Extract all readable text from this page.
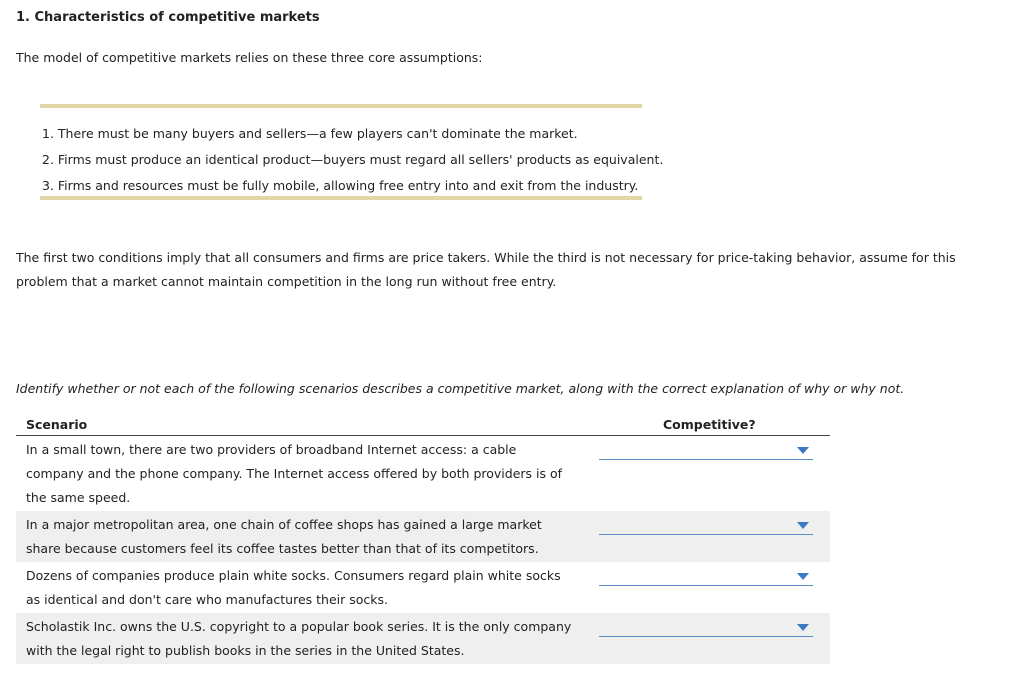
1. Characteristics of competitive markets
The model of competitive markets relies on these three core assumptions:
1. There must be many buyers and sellers—a few players can't dominate the market.
2. Firms must produce an identical product—buyers must regard all sellers' products as equivalent.
3. Firms and resources must be fully mobile, allowing free entry into and exit from the industry.
The first two conditions imply that all consumers and firms are price takers. While the third is not necessary for price-taking behavior, assume for this problem that a market cannot maintain competition in the long run without free entry.
Identify whether or not each of the following scenarios describes a competitive market, along with the correct explanation of why or why not.
Scenario	Competitive?
In a small town, there are two providers of broadband Internet access: a cable company and the phone company. The Internet access offered by both providers is of the same speed.
In a major metropolitan area, one chain of coffee shops has gained a large market share because customers feel its coffee tastes better than that of its competitors.
Dozens of companies produce plain white socks. Consumers regard plain white socks as identical and don't care who manufactures their socks.
Scholastik Inc. owns the U.S. copyright to a popular book series. It is the only company with the legal right to publish books in the series in the United States.
